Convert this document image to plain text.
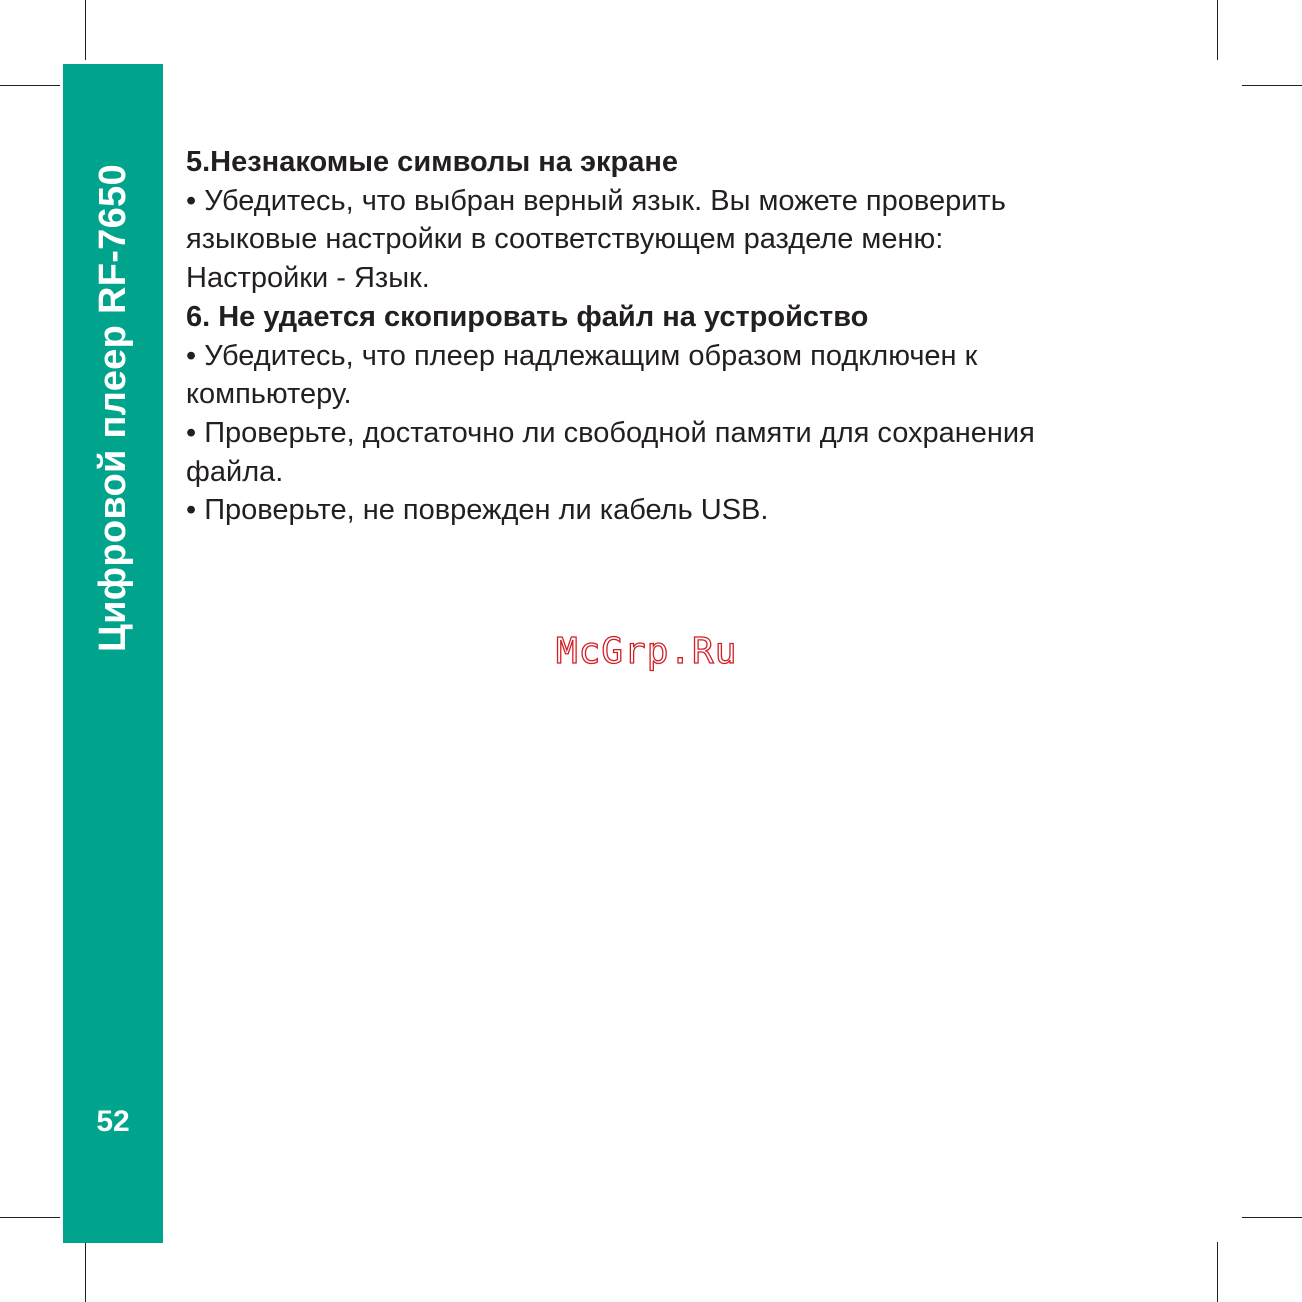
Цифровой плеер RF-7650
52
5.Незнакомые символы на экране
• Убедитесь, что выбран верный язык. Вы можете проверить
языковые настройки в соответствующем разделе меню:
Настройки - Язык.
6. Не удается скопировать файл на устройство
• Убедитесь, что плеер надлежащим образом подключен к
компьютеру.
• Проверьте, достаточно ли свободной памяти для сохранения
файла.
• Проверьте, не поврежден ли кабель USB.
McGrp.Ru
